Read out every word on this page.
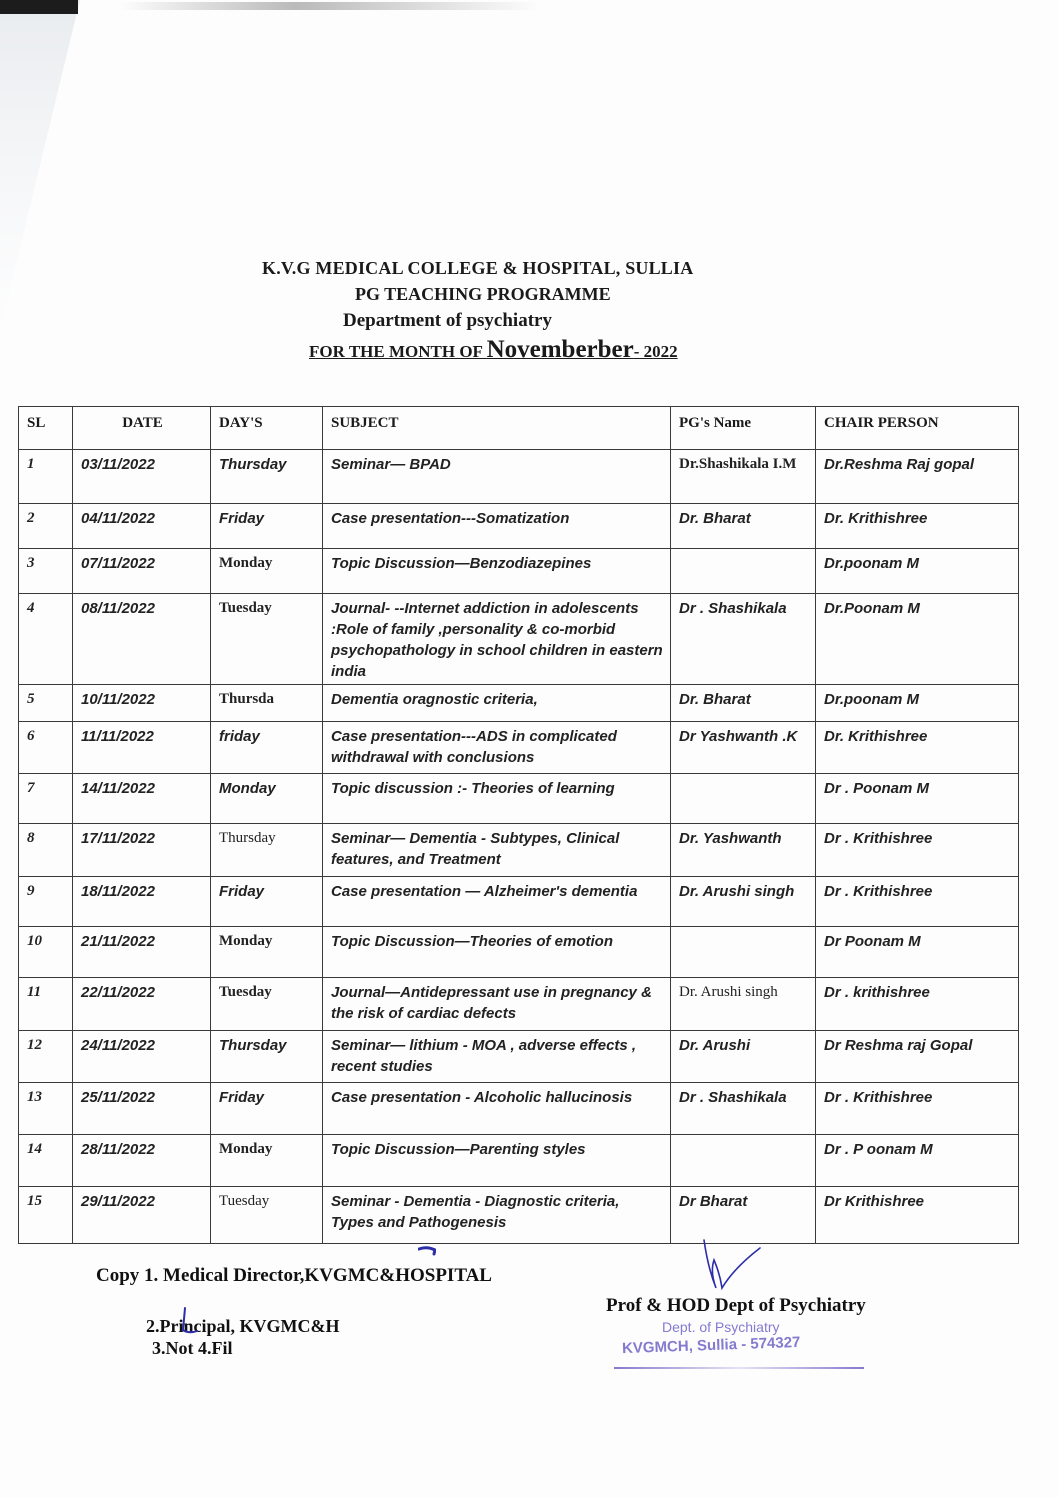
K.V.G MEDICAL COLLEGE & HOSPITAL, SULLIA
PG TEACHING PROGRAMME
Department of psychiatry
FOR THE MONTH OF Novemberber- 2022
SL	DATE	DAY'S	SUBJECT	PG's Name	CHAIR PERSON
1	03/11/2022	Thursday	Seminar— BPAD	Dr.Shashikala I.M	Dr.Reshma Raj gopal
2	04/11/2022	Friday	Case presentation---Somatization	Dr. Bharat	Dr. Krithishree
3	07/11/2022	Monday	Topic Discussion—Benzodiazepines		Dr.poonam M
4	08/11/2022	Tuesday	Journal- --Internet addiction in adolescents :Role of family ,personality & co-morbid psychopathology in school children in eastern india	Dr . Shashikala	Dr.Poonam M
5	10/11/2022	Thursda	Dementia oragnostic criteria,	Dr. Bharat	Dr.poonam M
6	11/11/2022	friday	Case presentation---ADS in complicated withdrawal with conclusions	Dr Yashwanth .K	Dr. Krithishree
7	14/11/2022	Monday	Topic discussion :- Theories of learning		Dr . Poonam M
8	17/11/2022	Thursday	Seminar— Dementia - Subtypes, Clinical features, and Treatment	Dr. Yashwanth	Dr . Krithishree
9	18/11/2022	Friday	Case presentation — Alzheimer's dementia	Dr. Arushi singh	Dr . Krithishree
10	21/11/2022	Monday	Topic Discussion—Theories of emotion		Dr Poonam M
11	22/11/2022	Tuesday	Journal—Antidepressant use in pregnancy & the risk of cardiac defects	Dr. Arushi singh	Dr . krithishree
12	24/11/2022	Thursday	Seminar— lithium - MOA , adverse effects , recent studies	Dr. Arushi	Dr Reshma raj Gopal
13	25/11/2022	Friday	Case presentation - Alcoholic hallucinosis	Dr . Shashikala	Dr . Krithishree
14	28/11/2022	Monday	Topic Discussion—Parenting styles		Dr . P oonam M
15	29/11/2022	Tuesday	Seminar - Dementia - Diagnostic criteria, Types and Pathogenesis	Dr Bharat	Dr Krithishree
Copy 1. Medical Director,KVGMC&HOSPITAL
2.Principal, KVGMC&H
3.Not 4.Fil
Prof & HOD Dept of Psychiatry
Dept. of Psychiatry
KVGMCH, Sullia - 574327
